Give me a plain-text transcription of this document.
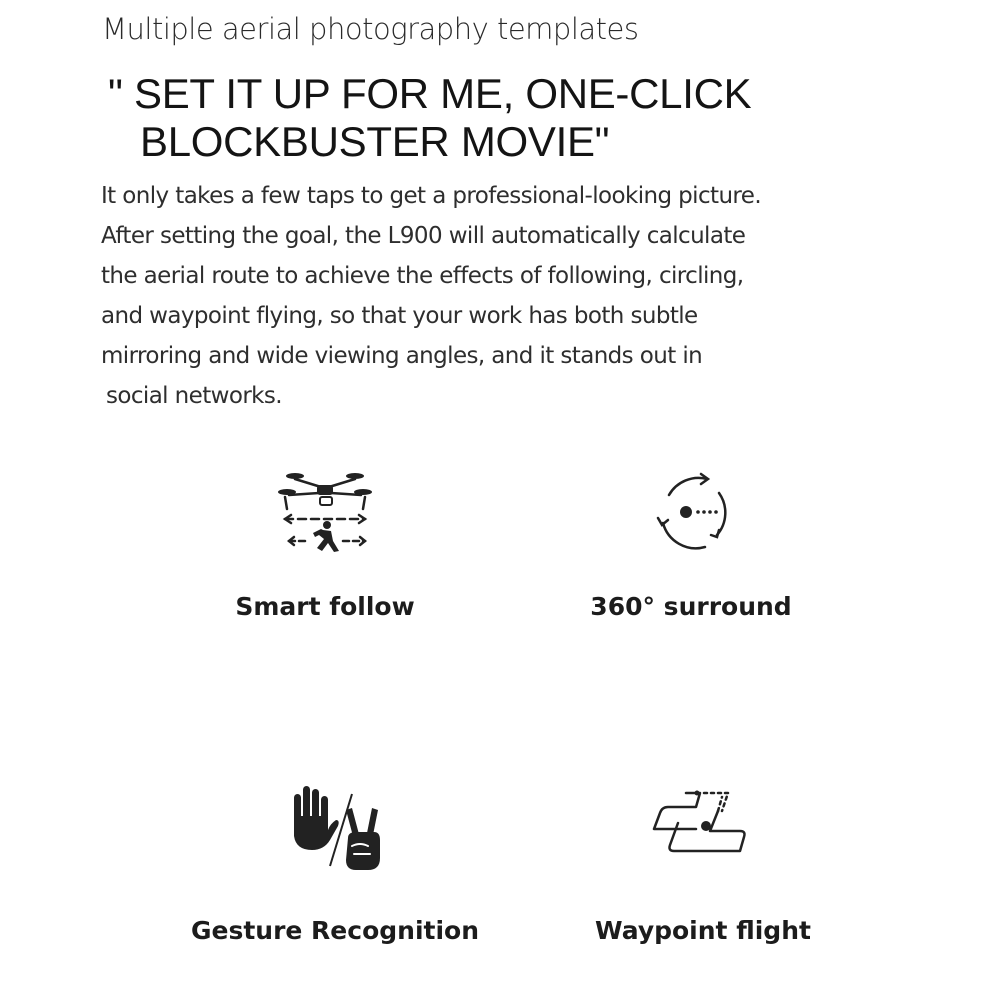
Multiple aerial photography templates
" SET IT UP FOR ME, ONE-CLICK
BLOCKBUSTER MOVIE"
It only takes a few taps to get a professional-looking picture.
After setting the goal, the L900 will automatically calculate
the aerial route to achieve the effects of following, circling,
and waypoint flying, so that your work has both subtle
mirroring and wide viewing angles, and it stands out in
social networks.
Smart follow	360° surround
Gesture Recognition	Waypoint flight
